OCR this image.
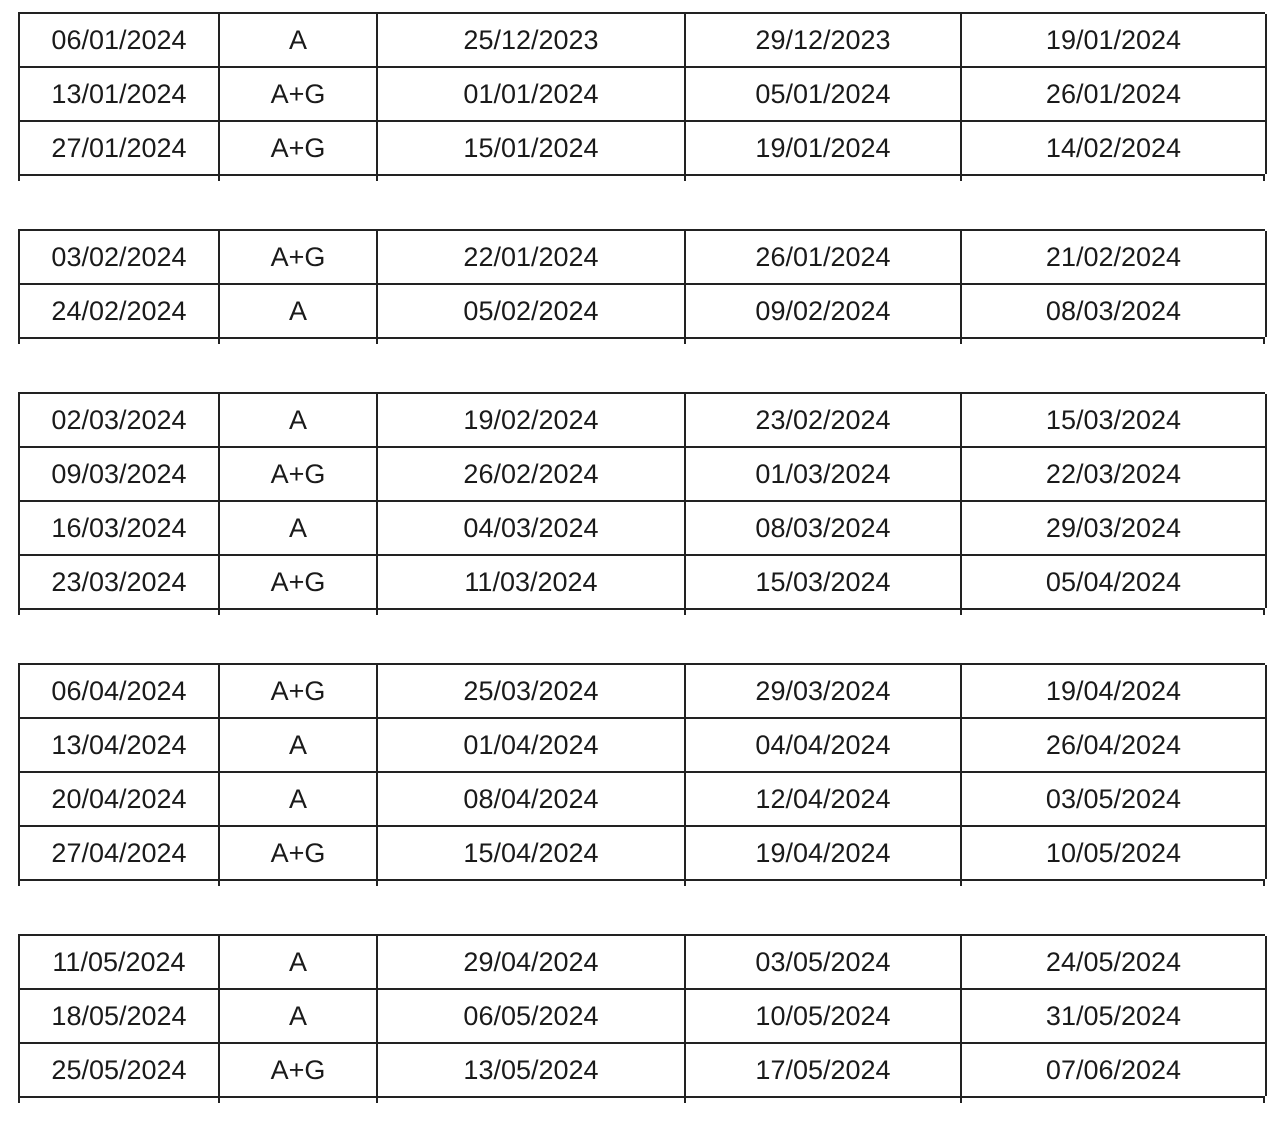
06/01/2024	A	25/12/2023	29/12/2023	19/01/2024
13/01/2024	A+G	01/01/2024	05/01/2024	26/01/2024
27/01/2024	A+G	15/01/2024	19/01/2024	14/02/2024
03/02/2024	A+G	22/01/2024	26/01/2024	21/02/2024
24/02/2024	A	05/02/2024	09/02/2024	08/03/2024
02/03/2024	A	19/02/2024	23/02/2024	15/03/2024
09/03/2024	A+G	26/02/2024	01/03/2024	22/03/2024
16/03/2024	A	04/03/2024	08/03/2024	29/03/2024
23/03/2024	A+G	11/03/2024	15/03/2024	05/04/2024
06/04/2024	A+G	25/03/2024	29/03/2024	19/04/2024
13/04/2024	A	01/04/2024	04/04/2024	26/04/2024
20/04/2024	A	08/04/2024	12/04/2024	03/05/2024
27/04/2024	A+G	15/04/2024	19/04/2024	10/05/2024
11/05/2024	A	29/04/2024	03/05/2024	24/05/2024
18/05/2024	A	06/05/2024	10/05/2024	31/05/2024
25/05/2024	A+G	13/05/2024	17/05/2024	07/06/2024
